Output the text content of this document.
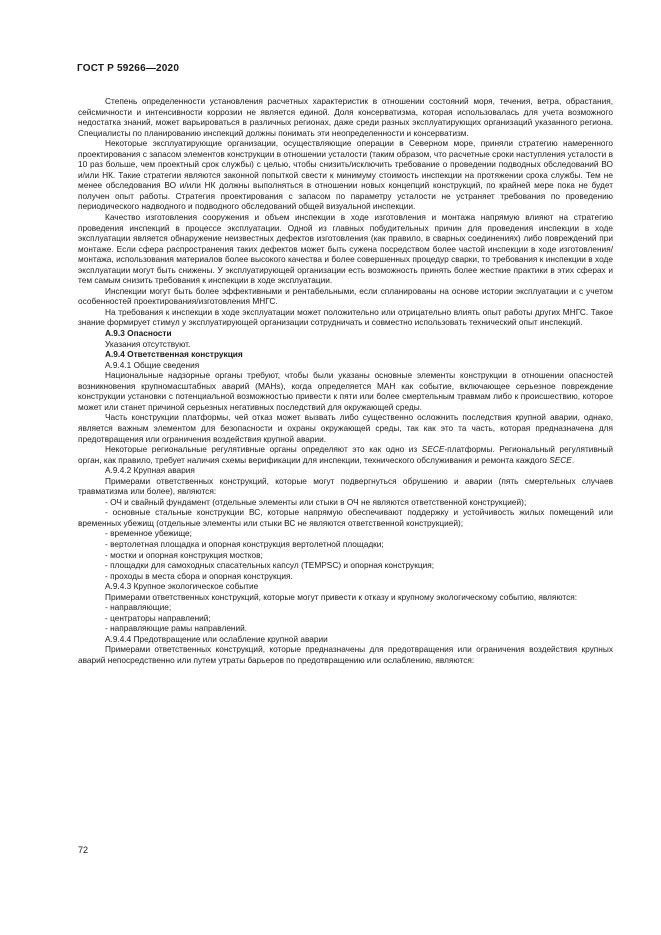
ГОСТ Р 59266—2020

Степень определенности установления расчетных характеристик в отношении состояний моря, течения, ветра, обрастания, сейсмичности и интенсивности коррозии не является единой. Доля консерватизма, которая использовалась для учета возможного недостатка знаний, может варьироваться в различных регионах, даже среди разных эксплуатирующих организаций указанного региона. Специалисты по планированию инспекций должны понимать эти неопределенности и консерватизм.

Некоторые эксплуатирующие организации, осуществляющие операции в Северном море, приняли стратегию намеренного проектирования с запасом элементов конструкции в отношении усталости (таким образом, что расчетные сроки наступления усталости в 10 раз больше, чем проектный срок службы) с целью, чтобы снизить/исключить требование о проведении подводных обследований ВО и/или НК. Такие стратегии являются законной попыткой свести к минимуму стоимость инспекции на протяжении срока службы. Тем не менее обследования ВО и/или НК должны выполняться в отношении новых концепций конструкций, по крайней мере пока не будет получен опыт работы. Стратегия проектирования с запасом по параметру усталости не устраняет требования по проведению периодического надводного и подводного обследований общей визуальной инспекции.

Качество изготовления сооружения и объем инспекции в ходе изготовления и монтажа напрямую влияют на стратегию проведения инспекций в процессе эксплуатации. Одной из главных побудительных причин для проведения инспекции в ходе эксплуатации является обнаружение неизвестных дефектов изготовления (как правило, в сварных соединениях) либо повреждений при монтаже. Если сфера распространения таких дефектов может быть сужена посредством более частой инспекции в ходе изготовления/монтажа, использования материалов более высокого качества и более совершенных процедур сварки, то требования к инспекции в ходе эксплуатации могут быть снижены. У эксплуатирующей организации есть возможность принять более жесткие практики в этих сферах и тем самым снизить требования к инспекции в ходе эксплуатации.

Инспекции могут быть более эффективными и рентабельными, если спланированы на основе истории эксплуатации и с учетом особенностей проектирования/изготовления МНГС.

На требования к инспекции в ходе эксплуатации может положительно или отрицательно влиять опыт работы других МНГС. Такое знание формирует стимул у эксплуатирующей организации сотрудничать и совместно использовать технический опыт инспекций.

А.9.3 Опасности

Указания отсутствуют.

А.9.4 Ответственная конструкция

А.9.4.1 Общие сведения

Национальные надзорные органы требуют, чтобы были указаны основные элементы конструкции в отношении опасностей возникновения крупномасштабных аварий (МАНs), когда определяется МАН как событие, включающее серьезное повреждение конструкции установки с потенциальной возможностью привести к пяти или более смертельным травмам либо к происшествию, которое может или станет причиной серьезных негативных последствий для окружающей среды.

Часть конструкции платформы, чей отказ может вызвать либо существенно осложнить последствия крупной аварии, однако, является важным элементом для безопасности и охраны окружающей среды, так как это та часть, которая предназначена для предотвращения или ограничения воздействия крупной аварии.

Некоторые региональные регулятивные органы определяют это как одно из SECE-платформы. Региональный регулятивный орган, как правило, требует наличия схемы верификации для инспекции, технического обслуживания и ремонта каждого SECE.

А.9.4.2 Крупная авария

Примерами ответственных конструкций, которые могут подвергнуться обрушению и аварии (пять смертельных случаев травматизма или более), являются:

- ОЧ и свайный фундамент (отдельные элементы или стыки в ОЧ не являются ответственной конструкцией);

- основные стальные конструкции ВС, которые напрямую обеспечивают поддержку и устойчивость жилых помещений или временных убежищ (отдельные элементы или стыки ВС не являются ответственной конструкцией);

- временное убежище;

- вертолетная площадка и опорная конструкция вертолетной площадки;

- мостки и опорная конструкция мостков;

- площадки для самоходных спасательных капсул (TEMPSC) и опорная конструкция;

- проходы в места сбора и опорная конструкция.

А.9.4.3 Крупное экологическое событие

Примерами ответственных конструкций, которые могут привести к отказу и крупному экологическому событию, являются:

- направляющие;

- центраторы направлений;

- направляющие рамы направлений.

А.9.4.4 Предотвращение или ослабление крупной аварии

Примерами ответственных конструкций, которые предназначены для предотвращения или ограничения воздействия крупных аварий непосредственно или путем утраты барьеров по предотвращению или ослаблению, являются:

72
